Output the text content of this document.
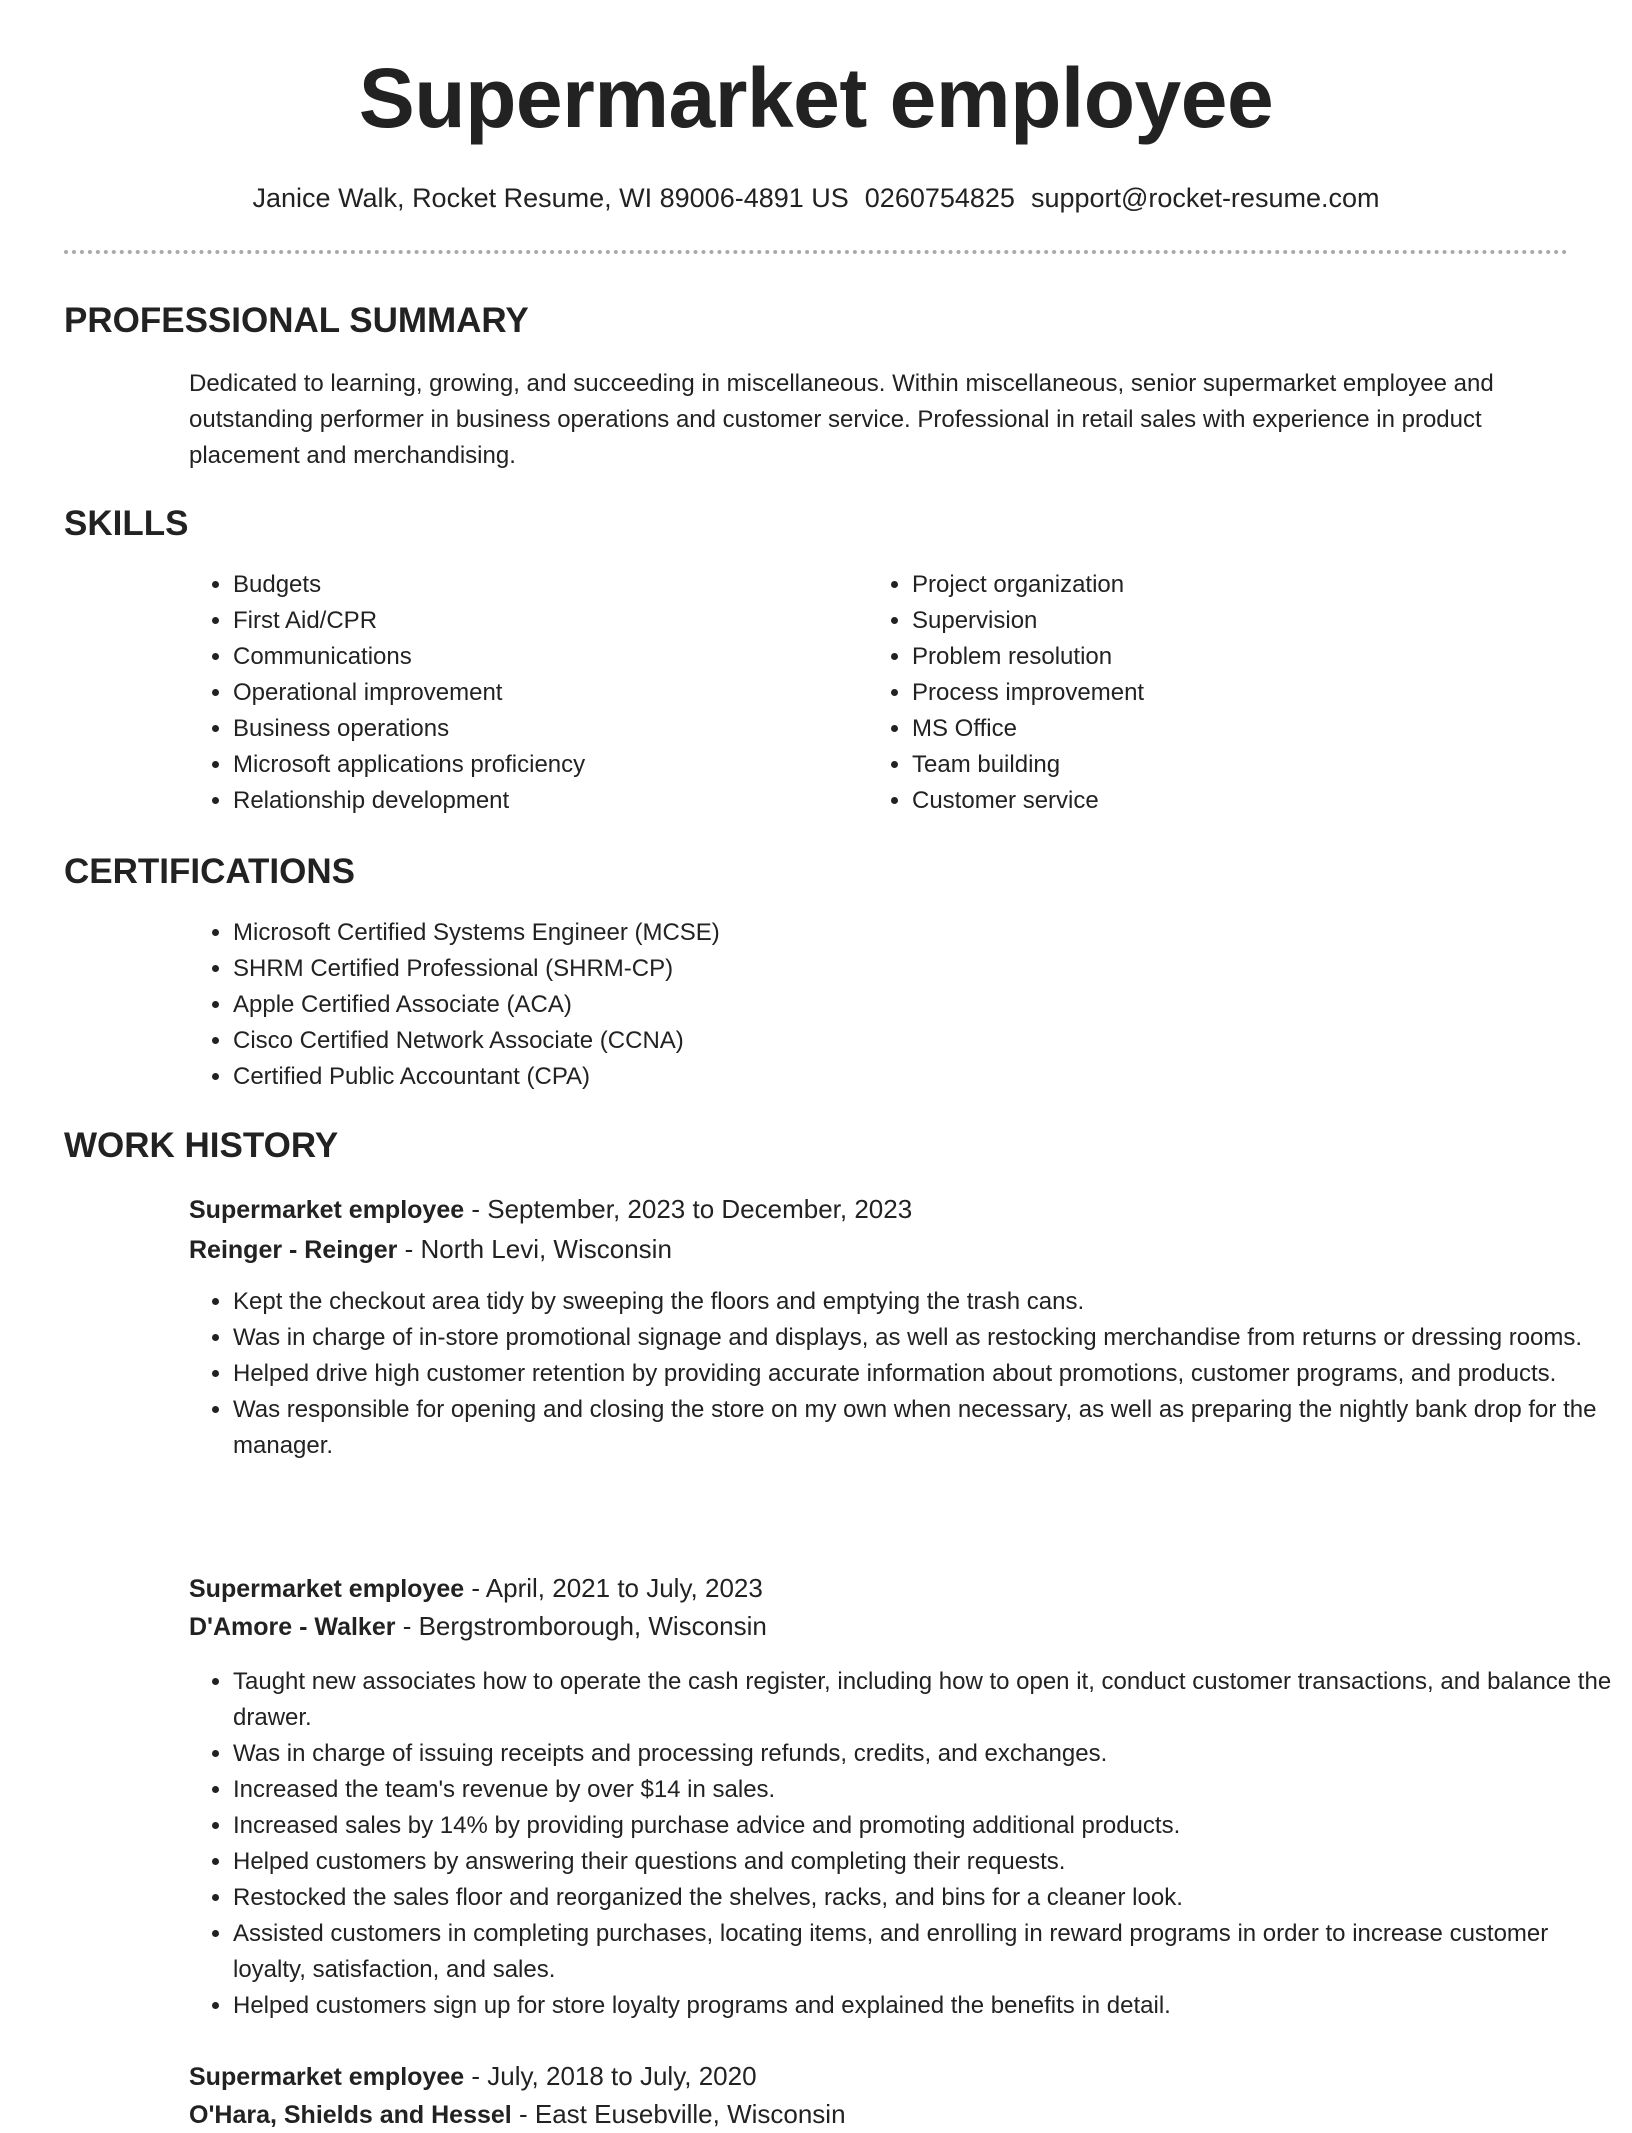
Supermarket employee
Janice Walk, Rocket Resume, WI 89006-4891 US 0260754825 support@rocket-resume.com
PROFESSIONAL SUMMARY

Dedicated to learning, growing, and succeeding in miscellaneous. Within miscellaneous, senior supermarket employee and outstanding performer in business operations and customer service. Professional in retail sales with experience in product placement and merchandising.

SKILLS
• Budgets
• First Aid/CPR
• Communications
• Operational improvement
• Business operations
• Microsoft applications proficiency
• Relationship development
• Project organization
• Supervision
• Problem resolution
• Process improvement
• MS Office
• Team building
• Customer service
CERTIFICATIONS
• Microsoft Certified Systems Engineer (MCSE)
• SHRM Certified Professional (SHRM-CP)
• Apple Certified Associate (ACA)
• Cisco Certified Network Associate (CCNA)
• Certified Public Accountant (CPA)
WORK HISTORY
Supermarket employee - September, 2023 to December, 2023
Reinger - Reinger - North Levi, Wisconsin
• Kept the checkout area tidy by sweeping the floors and emptying the trash cans.
• Was in charge of in-store promotional signage and displays, as well as restocking merchandise from returns or dressing rooms.
• Helped drive high customer retention by providing accurate information about promotions, customer programs, and products.
• Was responsible for opening and closing the store on my own when necessary, as well as preparing the nightly bank drop for the manager.
Supermarket employee - April, 2021 to July, 2023
D'Amore - Walker - Bergstromborough, Wisconsin
• Taught new associates how to operate the cash register, including how to open it, conduct customer transactions, and balance the drawer.
• Was in charge of issuing receipts and processing refunds, credits, and exchanges.
• Increased the team's revenue by over $14 in sales.
• Increased sales by 14% by providing purchase advice and promoting additional products.
• Helped customers by answering their questions and completing their requests.
• Restocked the sales floor and reorganized the shelves, racks, and bins for a cleaner look.
• Assisted customers in completing purchases, locating items, and enrolling in reward programs in order to increase customer loyalty, satisfaction, and sales.
• Helped customers sign up for store loyalty programs and explained the benefits in detail.
Supermarket employee - July, 2018 to July, 2020
O'Hara, Shields and Hessel - East Eusebville, Wisconsin
